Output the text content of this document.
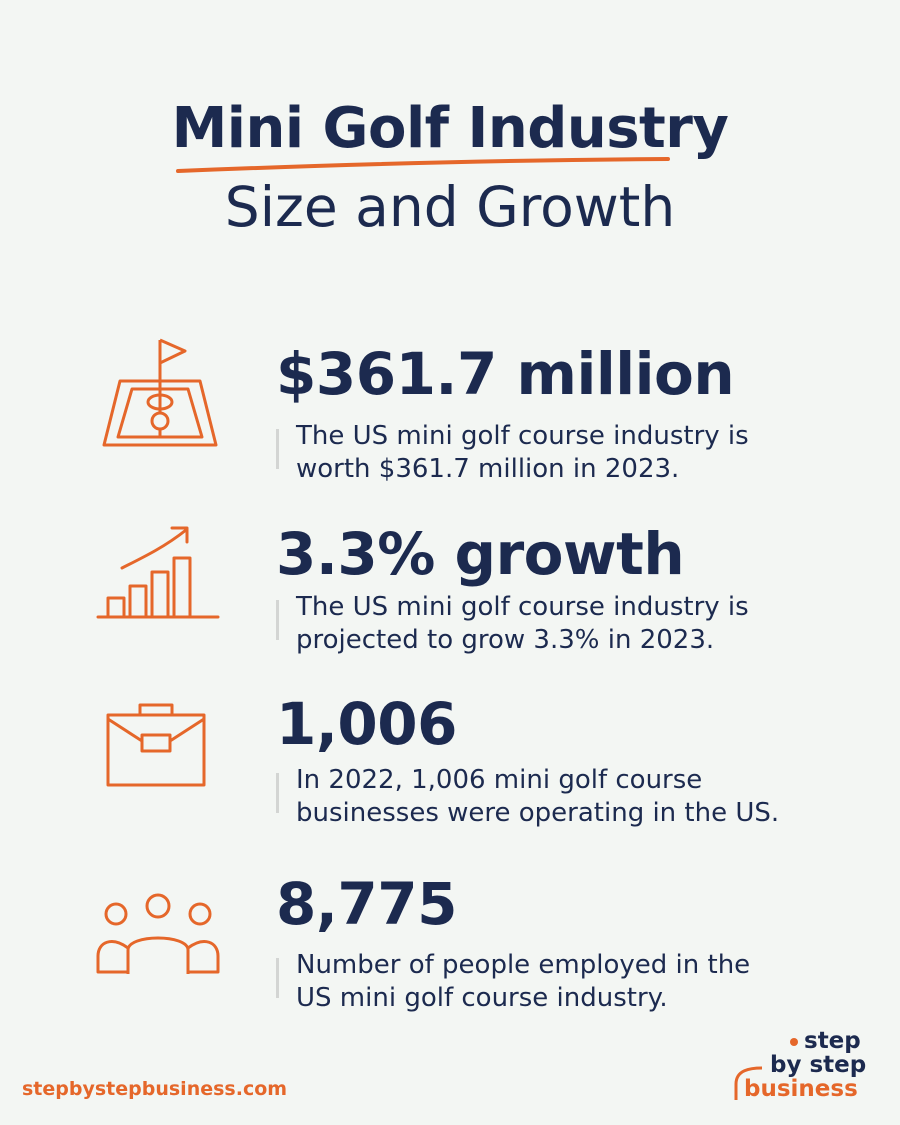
Mini Golf Industry
Size and Growth
$361.7 million
The US mini golf course industry is
worth $361.7 million in 2023.
3.3% growth
The US mini golf course industry is
projected to grow 3.3% in 2023.
1,006
In 2022, 1,006 mini golf course
businesses were operating in the US.
8,775
Number of people employed in the
US mini golf course industry.
stepbystepbusiness.com
step
by step
business
